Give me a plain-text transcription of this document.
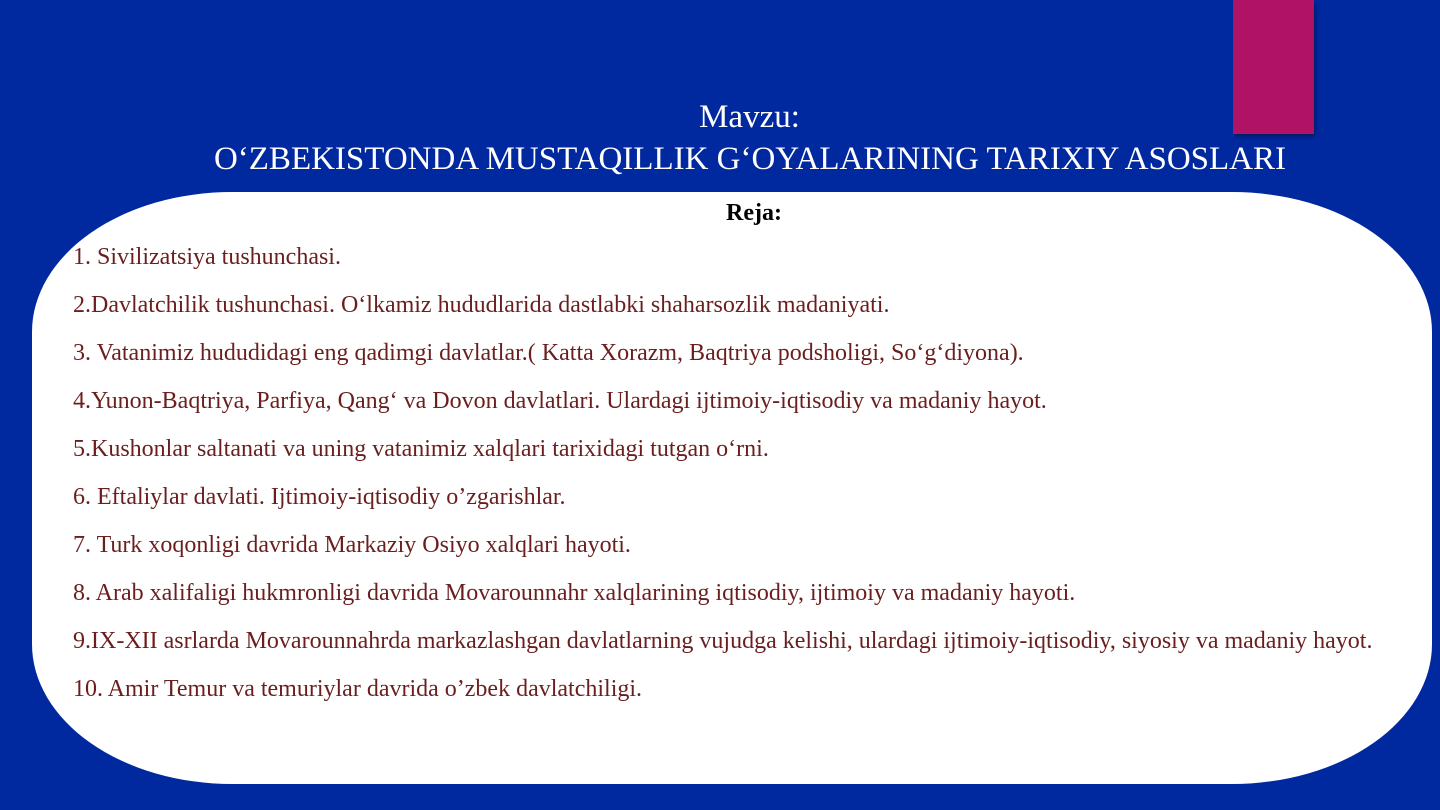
Mavzu:
O‘ZBEKISTONDA MUSTAQILLIK G‘OYALARINING TARIXIY ASOSLARI
Reja:
1. Sivilizatsiya tushunchasi.
2.Davlatchilik tushunchasi. O‘lkamiz hududlarida dastlabki shaharsozlik madaniyati.
3. Vatanimiz hududidagi eng qadimgi davlatlar.( Katta Xorazm, Baqtriya podsholigi, So‘g‘diyona).
4.Yunon-Baqtriya, Parfiya, Qang‘ va Dovon davlatlari. Ulardagi ijtimoiy-iqtisodiy va madaniy hayot.
5.Kushonlar saltanati va uning vatanimiz xalqlari tarixidagi tutgan o‘rni.
6. Eftaliylar davlati. Ijtimoiy-iqtisodiy o’zgarishlar.
7. Turk xoqonligi davrida Markaziy Osiyo xalqlari hayoti.
8. Arab xalifaligi hukmronligi davrida Movarounnahr xalqlarining iqtisodiy, ijtimoiy va madaniy hayoti.
9.IX-XII asrlarda Movarounnahrda markazlashgan davlatlarning vujudga kelishi, ulardagi ijtimoiy-iqtisodiy, siyosiy va madaniy hayot.
10. Amir Temur va temuriylar davrida o’zbek davlatchiligi.
